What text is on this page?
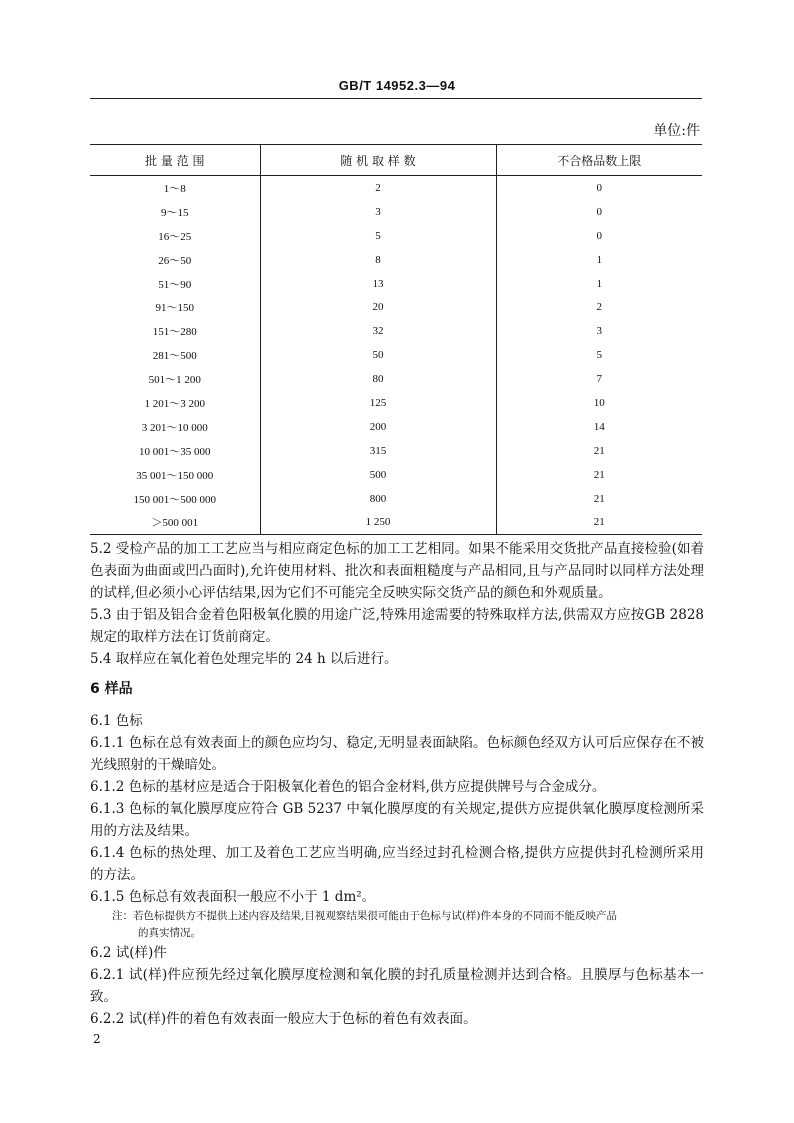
GB/T 14952.3—94
单位:件
批 量 范 围	随 机 取 样 数	不合格品数上限
1～8	2	0
9～15	3	0
16～25	5	0
26～50	8	1
51～90	13	1
91～150	20	2
151～280	32	3
281～500	50	5
501～1 200	80	7
1 201～3 200	125	10
3 201～10 000	200	14
10 001～35 000	315	21
35 001～150 000	500	21
150 001～500 000	800	21
＞500 001	1 250	21

5.2 受检产品的加工工艺应当与相应商定色标的加工工艺相同。如果不能采用交货批产品直接检验(如着色表面为曲面或凹凸面时),允许使用材料、批次和表面粗糙度与产品相同,且与产品同时以同样方法处理的试样,但必须小心评估结果,因为它们不可能完全反映实际交货产品的颜色和外观质量。

5.3 由于铝及铝合金着色阳极氧化膜的用途广泛,特殊用途需要的特殊取样方法,供需双方应按GB 2828规定的取样方法在订货前商定。

5.4 取样应在氧化着色处理完毕的 24 h 以后进行。

6 样品

6.1 色标

6.1.1 色标在总有效表面上的颜色应均匀、稳定,无明显表面缺陷。色标颜色经双方认可后应保存在不被光线照射的干燥暗处。

6.1.2 色标的基材应是适合于阳极氧化着色的铝合金材料,供方应提供牌号与合金成分。

6.1.3 色标的氧化膜厚度应符合 GB 5237 中氧化膜厚度的有关规定,提供方应提供氧化膜厚度检测所采用的方法及结果。

6.1.4 色标的热处理、加工及着色工艺应当明确,应当经过封孔检测合格,提供方应提供封孔检测所采用的方法。

6.1.5 色标总有效表面积一般应不小于 1 dm²。

注：若色标提供方不提供上述内容及结果,目视观察结果很可能由于色标与试(样)件本身的不同而不能反映产品
的真实情况。

6.2 试(样)件

6.2.1 试(样)件应预先经过氧化膜厚度检测和氧化膜的封孔质量检测并达到合格。且膜厚与色标基本一致。

6.2.2 试(样)件的着色有效表面一般应大于色标的着色有效表面。

2
